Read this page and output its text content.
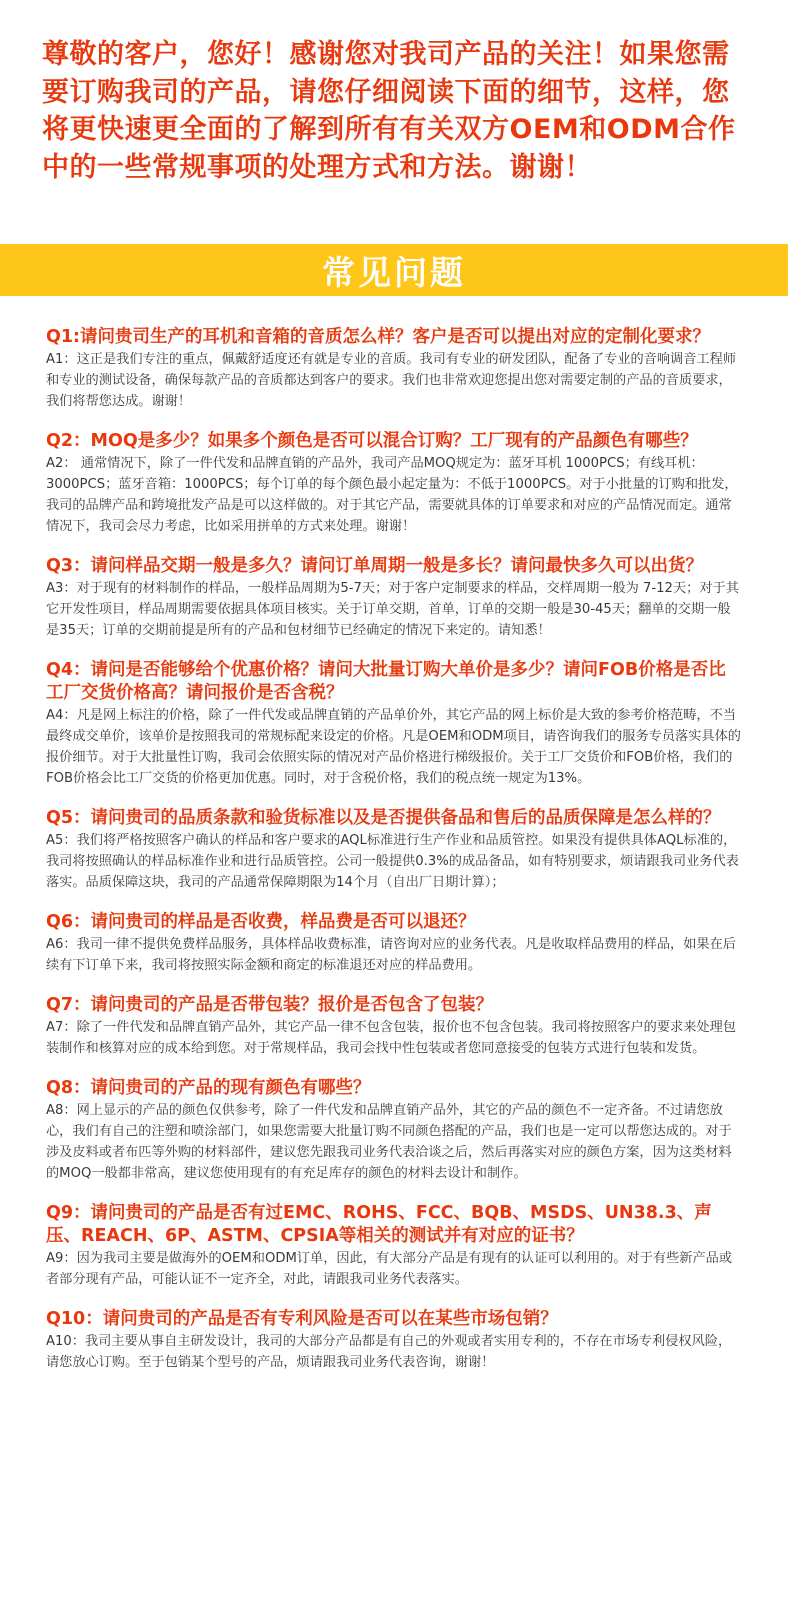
尊敬的客户，您好！感谢您对我司产品的关注！如果您需要订购我司的产品，请您仔细阅读下面的细节，这样，您将更快速更全面的了解到所有有关双方OEM和ODM合作中的一些常规事项的处理方式和方法。谢谢！

常见问题

Q1:请问贵司生产的耳机和音箱的音质怎么样？客户是否可以提出对应的定制化要求？

A1：这正是我们专注的重点，佩戴舒适度还有就是专业的音质。我司有专业的研发团队，配备了专业的音响调音工程师和专业的测试设备，确保每款产品的音质都达到客户的要求。我们也非常欢迎您提出您对需要定制的产品的音质要求，我们将帮您达成。谢谢！

Q2：MOQ是多少？如果多个颜色是否可以混合订购？工厂现有的产品颜色有哪些？

A2： 通常情况下，除了一件代发和品牌直销的产品外，我司产品MOQ规定为：蓝牙耳机 1000PCS；有线耳机：3000PCS；蓝牙音箱：1000PCS；每个订单的每个颜色最小起定量为：不低于1000PCS。对于小批量的订购和批发，我司的品牌产品和跨境批发产品是可以这样做的。对于其它产品，需要就具体的订单要求和对应的产品情况而定。通常情况下，我司会尽力考虑，比如采用拼单的方式来处理。谢谢！

Q3：请问样品交期一般是多久？请问订单周期一般是多长？请问最快多久可以出货？

A3：对于现有的材料制作的样品，一般样品周期为5-7天；对于客户定制要求的样品，交样周期一般为 7-12天；对于其它开发性项目，样品周期需要依据具体项目核实。关于订单交期，首单，订单的交期一般是30-45天；翻单的交期一般是35天；订单的交期前提是所有的产品和包材细节已经确定的情况下来定的。请知悉！

Q4：请问是否能够给个优惠价格？请问大批量订购大单价是多少？请问FOB价格是否比工厂交货价格高？请问报价是否含税？

A4：凡是网上标注的价格，除了一件代发或品牌直销的产品单价外，其它产品的网上标价是大致的参考价格范畴，不当最终成交单价，该单价是按照我司的常规标配来设定的价格。凡是OEM和ODM项目，请咨询我们的服务专员落实具体的报价细节。对于大批量性订购，我司会依照实际的情况对产品价格进行梯级报价。关于工厂交货价和FOB价格，我们的FOB价格会比工厂交货的价格更加优惠。同时，对于含税价格，我们的税点统一规定为13%。

Q5：请问贵司的品质条款和验货标准以及是否提供备品和售后的品质保障是怎么样的？

A5：我们将严格按照客户确认的样品和客户要求的AQL标准进行生产作业和品质管控。如果没有提供具体AQL标准的，我司将按照确认的样品标准作业和进行品质管控。公司一般提供0.3%的成品备品，如有特别要求，烦请跟我司业务代表落实。品质保障这块，我司的产品通常保障期限为14个月（自出厂日期计算）；

Q6：请问贵司的样品是否收费，样品费是否可以退还？

A6：我司一律不提供免费样品服务，具体样品收费标准，请咨询对应的业务代表。凡是收取样品费用的样品，如果在后续有下订单下来，我司将按照实际金额和商定的标准退还对应的样品费用。

Q7：请问贵司的产品是否带包装？报价是否包含了包装？

A7：除了一件代发和品牌直销产品外，其它产品一律不包含包装，报价也不包含包装。我司将按照客户的要求来处理包装制作和核算对应的成本给到您。对于常规样品，我司会找中性包装或者您同意接受的包装方式进行包装和发货。

Q8：请问贵司的产品的现有颜色有哪些？

A8：网上显示的产品的颜色仅供参考，除了一件代发和品牌直销产品外，其它的产品的颜色不一定齐备。不过请您放心，我们有自己的注塑和喷涂部门，如果您需要大批量订购不同颜色搭配的产品，我们也是一定可以帮您达成的。对于涉及皮料或者布匹等外购的材料部件，建议您先跟我司业务代表洽谈之后，然后再落实对应的颜色方案，因为这类材料的MOQ一般都非常高，建议您使用现有的有充足库存的颜色的材料去设计和制作。

Q9：请问贵司的产品是否有过EMC、ROHS、FCC、BQB、MSDS、UN38.3、声压、REACH、6P、ASTM、CPSIA等相关的测试并有对应的证书？

A9：因为我司主要是做海外的OEM和ODM订单，因此，有大部分产品是有现有的认证可以利用的。对于有些新产品或者部分现有产品，可能认证不一定齐全，对此，请跟我司业务代表落实。

Q10：请问贵司的产品是否有专利风险是否可以在某些市场包销？

A10：我司主要从事自主研发设计，我司的大部分产品都是有自己的外观或者实用专利的，不存在市场专利侵权风险，请您放心订购。至于包销某个型号的产品，烦请跟我司业务代表咨询，谢谢！
